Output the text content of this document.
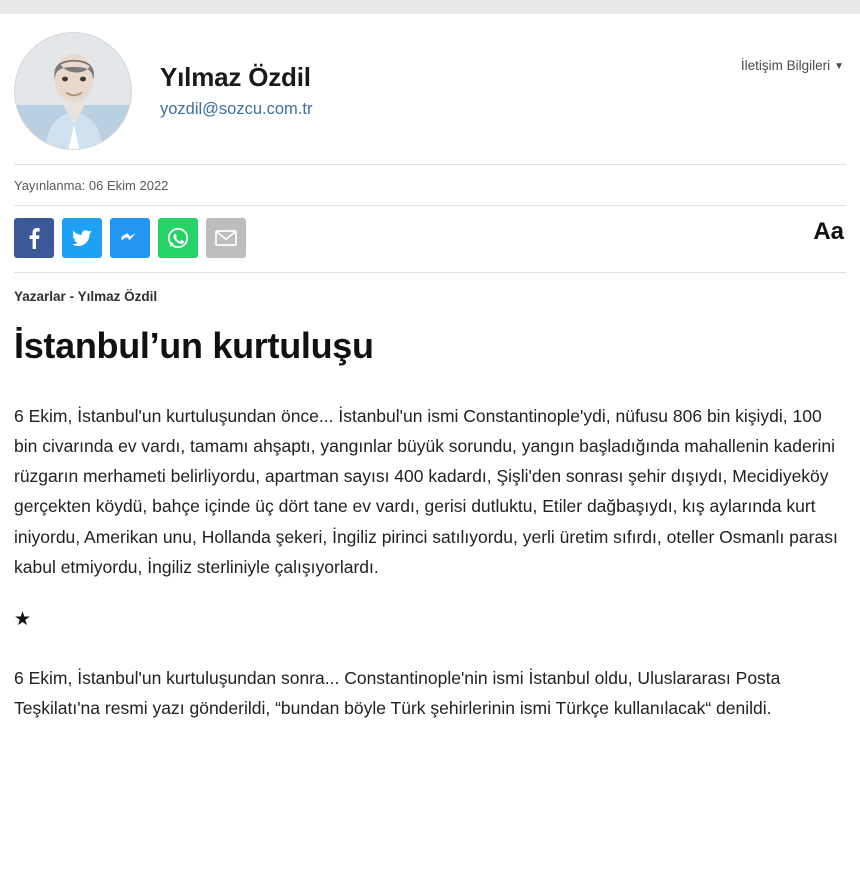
Yılmaz Özdil
yozdil@sozcu.com.tr
İletişim Bilgileri ▼
Yayınlanma: 06 Ekim 2022
Aa
Yazarlar - Yılmaz Özdil
İstanbul’un kurtuluşu

6 Ekim, İstanbul'un kurtuluşundan önce... İstanbul'un ismi Constantinople'ydi, nüfusu 806 bin kişiydi, 100 bin civarında ev vardı, tamamı ahşaptı, yangınlar büyük sorundu, yangın başladığında mahallenin kaderini rüzgarın merhameti belirliyordu, apartman sayısı 400 kadardı, Şişli'den sonrası şehir dışıydı, Mecidiyeköy gerçekten köydü, bahçe içinde üç dört tane ev vardı, gerisi dutluktu, Etiler dağbaşıydı, kış aylarında kurt iniyordu, Amerikan unu, Hollanda şekeri, İngiliz pirinci satılıyordu, yerli üretim sıfırdı, oteller Osmanlı parası kabul etmiyordu, İngiliz sterliniyle çalışıyorlardı.

★

6 Ekim, İstanbul'un kurtuluşundan sonra... Constantinople'nin ismi İstanbul oldu, Uluslararası Posta Teşkilatı'na resmi yazı gönderildi, “bundan böyle Türk şehirlerinin ismi Türkçe kullanılacak“ denildi.
